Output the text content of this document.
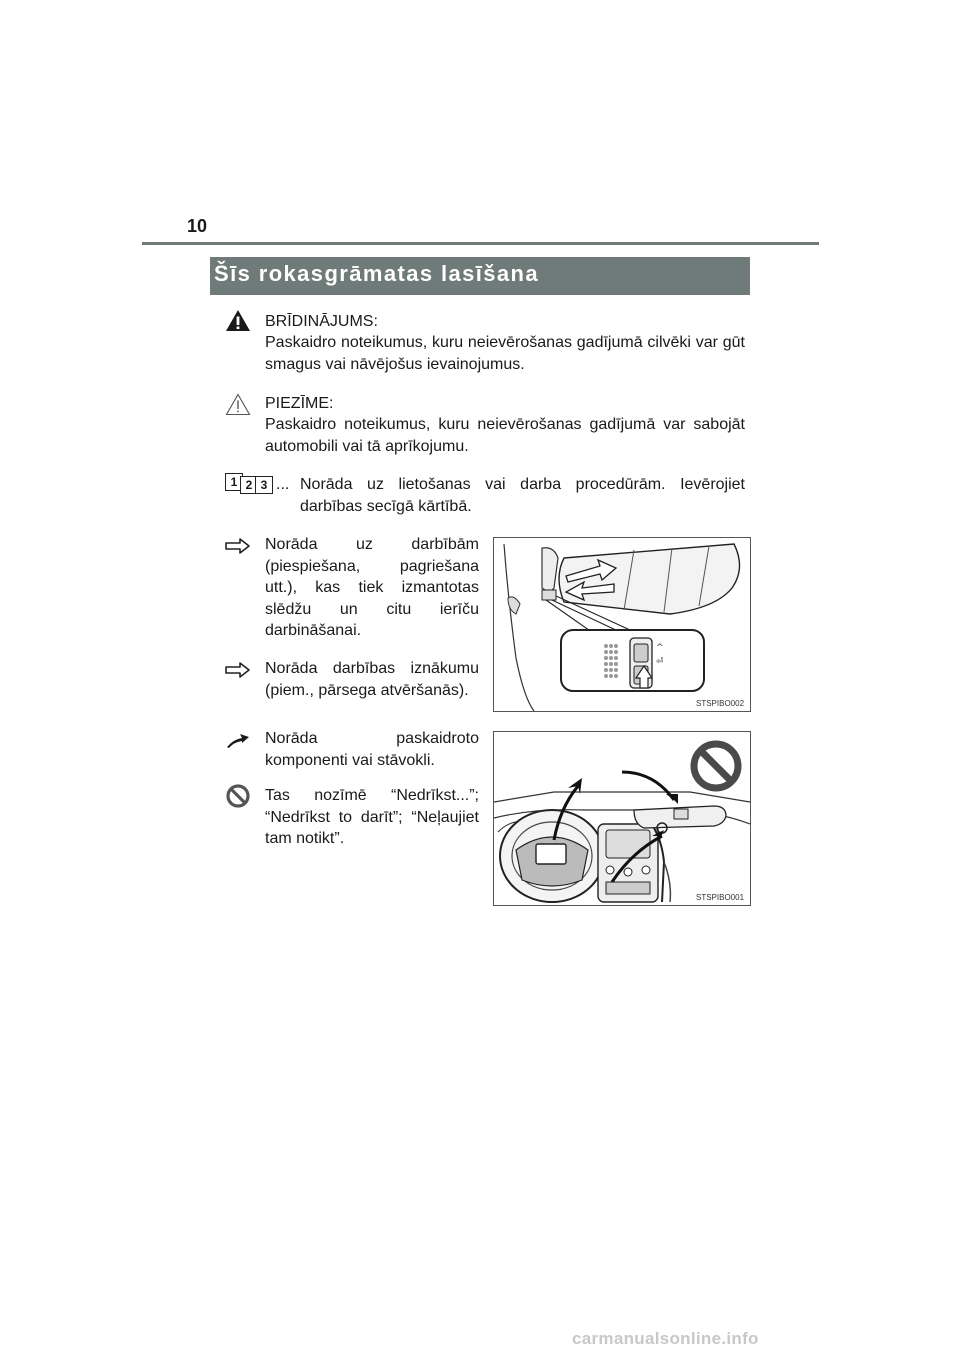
10
Šīs rokasgrāmatas lasīšana
BRĪDINĀJUMS:
Paskaidro noteikumus, kuru neievērošanas gadījumā cilvēki var gūt smagus vai nāvējošus ievainojumus.
PIEZĪME:
Paskaidro noteikumus, kuru neievērošanas gadījumā var sabojāt automobili vai tā aprīkojumu.
1 2 3 ... Norāda uz lietošanas vai darba procedūrām. Ievērojiet darbības secīgā kārtībā.
Norāda uz darbībām (piespiešana, pagriešana utt.), kas tiek izmantotas slēdžu un citu ierīču darbināšanai.
Norāda darbības iznākumu (piem., pārsega atvēršanās).
Norāda paskaidroto komponenti vai stāvokli.
Tas nozīmē “Nedrīkst...”; “Nedrīkst to darīt”; “Neļaujiet tam notikt”.
^
⏎
STSPIBO002
STSPIBO001
carmanualsonline.info
